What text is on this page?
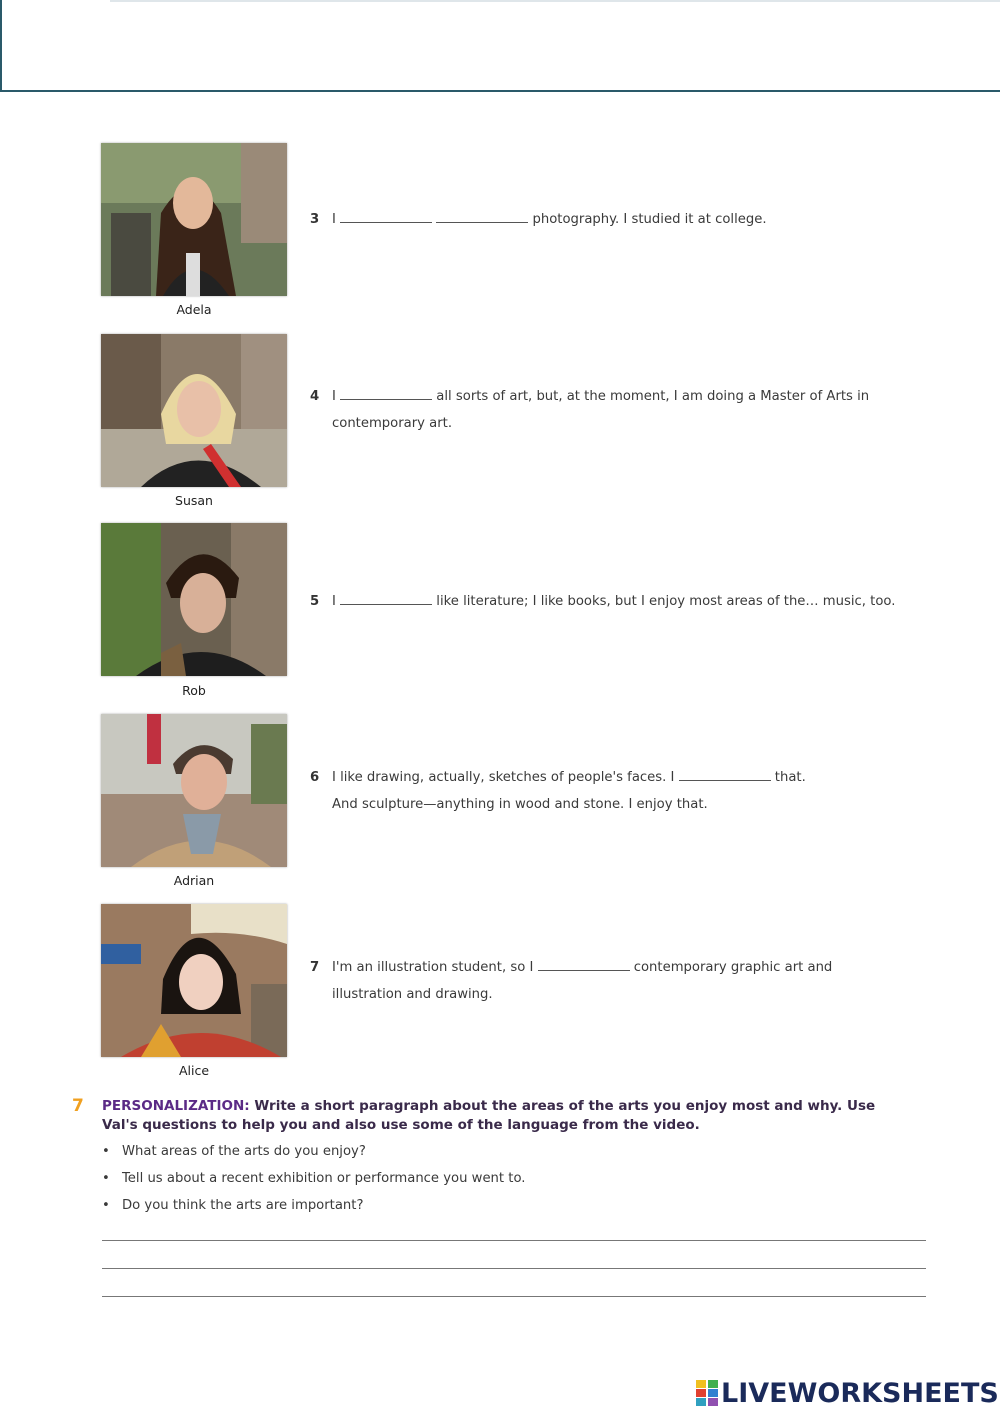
Adela
Susan
Rob
Adrian
Alice
3 I	photography. I studied it at college.
4 I	all sorts of art, but, at the moment, I am doing a Master of Arts in
contemporary art.
5 I	like literature; I like books, but I enjoy most areas of the… music, too.
6 I like drawing, actually, sketches of people's faces. I	that.
And sculpture—anything in wood and stone. I enjoy that.
7 I'm an illustration student, so I	contemporary graphic art and
illustration and drawing.
7 PERSONALIZATION: Write a short paragraph about the areas of the arts you enjoy most and why. Use Val's questions to help you and also use some of the language from the video.
• What areas of the arts do you enjoy?
• Tell us about a recent exhibition or performance you went to.
• Do you think the arts are important?
LIVEWORKSHEETS
